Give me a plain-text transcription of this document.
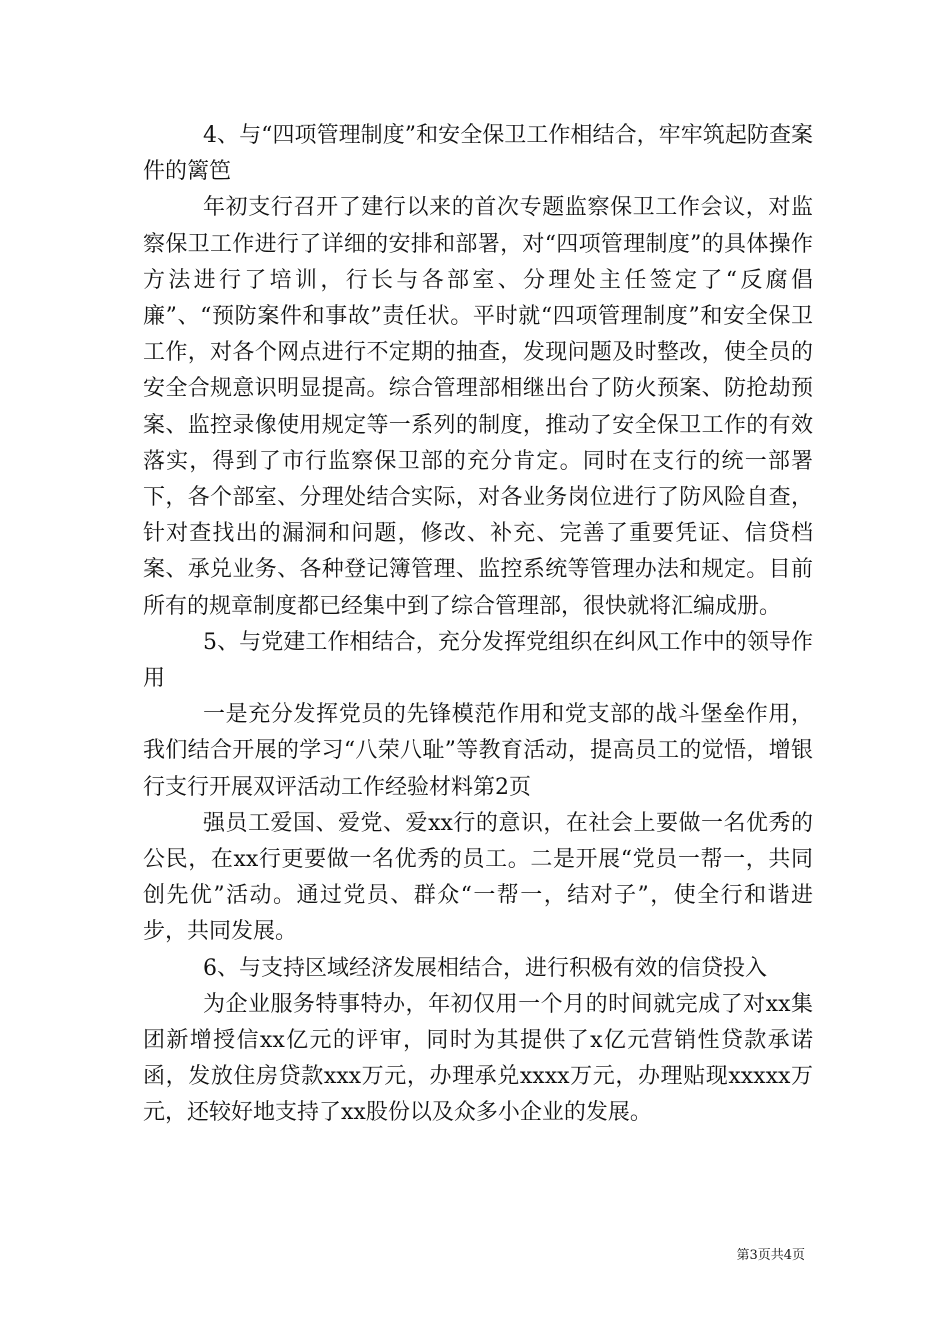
4、与“四项管理制度”和安全保卫工作相结合，牢牢筑起防查案件的篱笆

年初支行召开了建行以来的首次专题监察保卫工作会议，对监察保卫工作进行了详细的安排和部署，对“四项管理制度”的具体操作方法进行了培训，行长与各部室、分理处主任签定了“反腐倡廉”、“预防案件和事故”责任状。平时就“四项管理制度”和安全保卫工作，对各个网点进行不定期的抽查，发现问题及时整改，使全员的安全合规意识明显提高。综合管理部相继出台了防火预案、防抢劫预案、监控录像使用规定等一系列的制度，推动了安全保卫工作的有效落实，得到了市行监察保卫部的充分肯定。同时在支行的统一部署下，各个部室、分理处结合实际，对各业务岗位进行了防风险自查，针对查找出的漏洞和问题，修改、补充、完善了重要凭证、信贷档案、承兑业务、各种登记簿管理、监控系统等管理办法和规定。目前所有的规章制度都已经集中到了综合管理部，很快就将汇编成册。

5、与党建工作相结合，充分发挥党组织在纠风工作中的领导作用

一是充分发挥党员的先锋模范作用和党支部的战斗堡垒作用，我们结合开展的学习“八荣八耻”等教育活动，提高员工的觉悟，增银行支行开展双评活动工作经验材料第2页

强员工爱国、爱党、爱xx行的意识，在社会上要做一名优秀的公民，在xx行更要做一名优秀的员工。二是开展“党员一帮一，共同创先优”活动。通过党员、群众“一帮一，结对子”，使全行和谐进步，共同发展。

6、与支持区域经济发展相结合，进行积极有效的信贷投入

为企业服务特事特办，年初仅用一个月的时间就完成了对xx集团新增授信xx亿元的评审，同时为其提供了x亿元营销性贷款承诺函，发放住房贷款xxx万元，办理承兑xxxx万元，办理贴现xxxxx万元，还较好地支持了xx股份以及众多小企业的发展。

第3页共4页
